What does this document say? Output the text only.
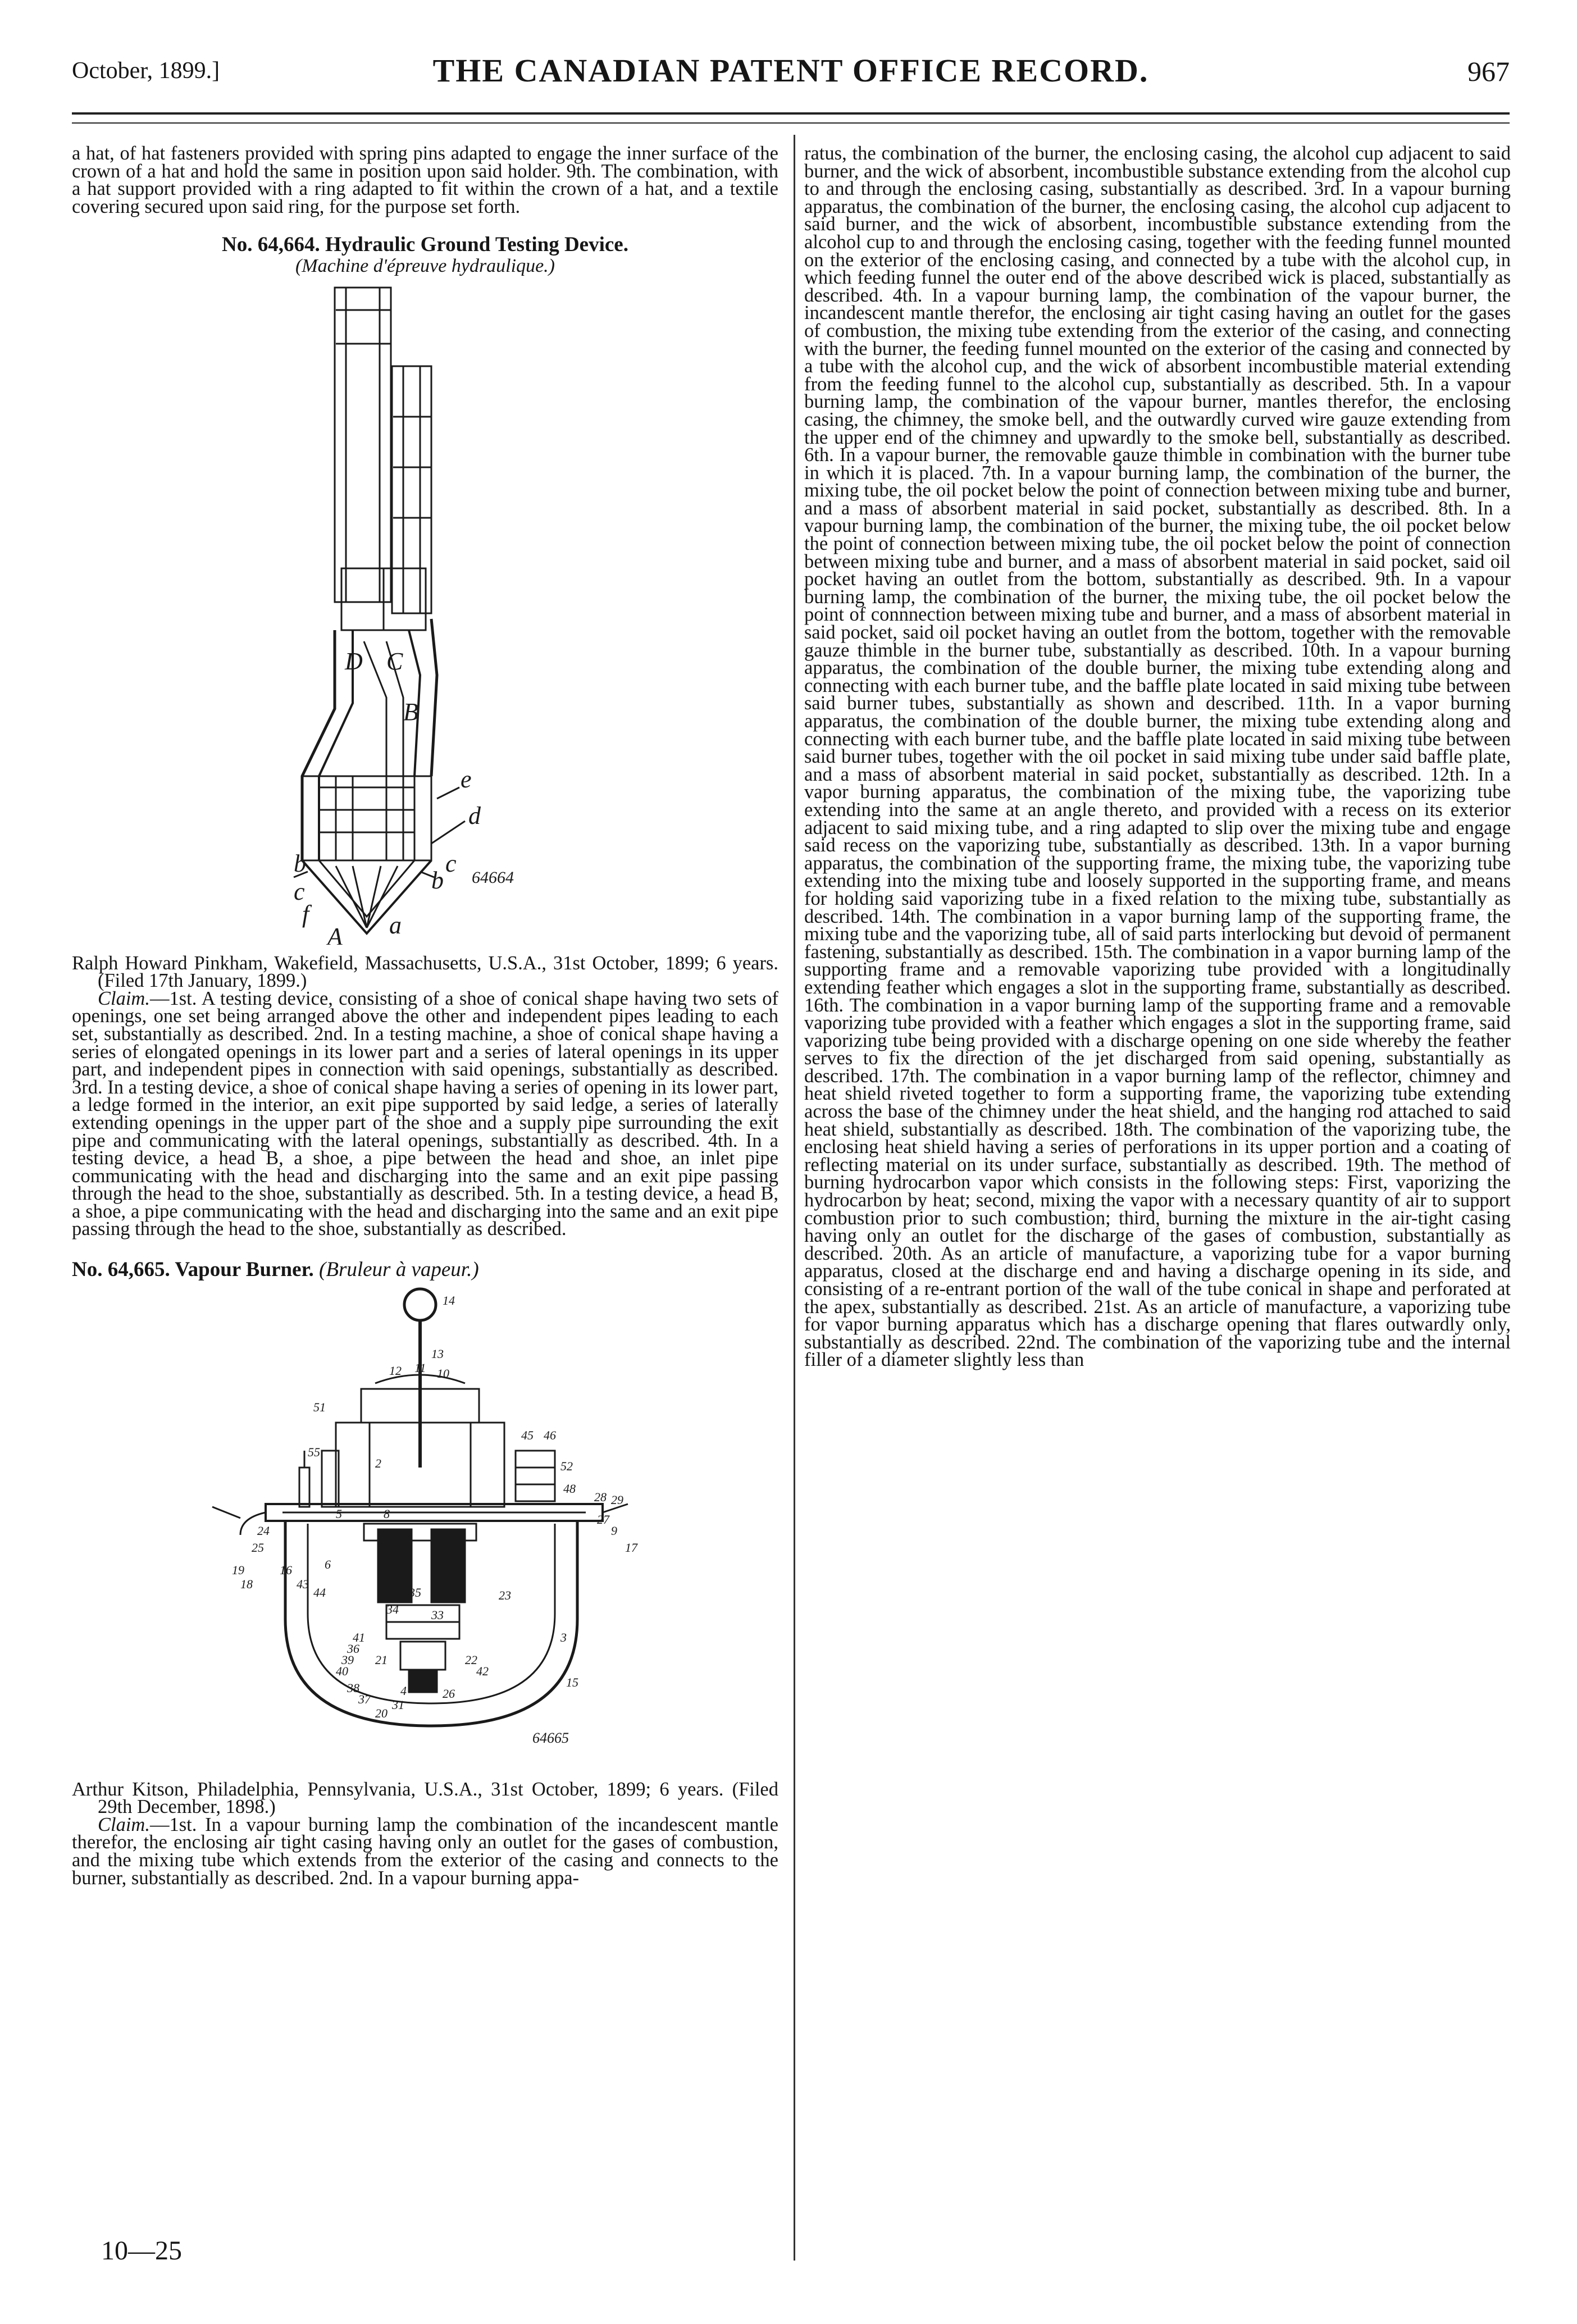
October, 1899.]	THE CANADIAN PATENT OFFICE RECORD.	967

a hat, of hat fasteners provided with spring pins adapted to engage the inner surface of the crown of a hat and hold the same in position upon said holder. 9th. The combination, with a hat support provided with a ring adapted to fit within the crown of a hat, and a textile covering secured upon said ring, for the purpose set forth.

No. 64,664. Hydraulic Ground Testing Device.

(Machine d'épreuve hydraulique.)

D C
B
e
d
c
b
b
c
f
A a
64664

Ralph Howard Pinkham, Wakefield, Massachusetts, U.S.A., 31st October, 1899; 6 years. (Filed 17th January, 1899.)

Claim.—1st. A testing device, consisting of a shoe of conical shape having two sets of openings, one set being arranged above the other and independent pipes leading to each set, substantially as described. 2nd. In a testing machine, a shoe of conical shape having a series of elongated openings in its lower part and a series of lateral openings in its upper part, and independent pipes in connection with said openings, substantially as described. 3rd. In a testing device, a shoe of conical shape having a series of opening in its lower part, a ledge formed in the interior, an exit pipe supported by said ledge, a series of laterally extending openings in the upper part of the shoe and a supply pipe surrounding the exit pipe and communicating with the lateral openings, substantially as described. 4th. In a testing device, a head B, a shoe, a pipe between the head and shoe, an inlet pipe communicating with the head and discharging into the same and an exit pipe passing through the head to the shoe, substantially as described. 5th. In a testing device, a head B, a shoe, a pipe communicating with the head and discharging into the same and an exit pipe passing through the head to the shoe, substantially as described.

No. 64,665. Vapour Burner. (Bruleur à vapeur.)

14
13
12 11 10
51
55
45 46
52
48
2
5	8
28 29
27
24
25	17
9
19
18
16	6
43
44	35
34
32
33
23
41
36
39
40
21	22
42
38
37 31
4
20
26
15
3
64665

Arthur Kitson, Philadelphia, Pennsylvania, U.S.A., 31st October, 1899; 6 years. (Filed 29th December, 1898.)

Claim.—1st. In a vapour burning lamp the combination of the incandescent mantle therefor, the enclosing air tight casing having only an outlet for the gases of combustion, and the mixing tube which extends from the exterior of the casing and connects to the burner, substantially as described. 2nd. In a vapour burning appa-

ratus, the combination of the burner, the enclosing casing, the alcohol cup adjacent to said burner, and the wick of absorbent, incombustible substance extending from the alcohol cup to and through the enclosing casing, substantially as described. 3rd. In a vapour burning apparatus, the combination of the burner, the enclosing casing, the alcohol cup adjacent to said burner, and the wick of absorbent, incombustible substance extending from the alcohol cup to and through the enclosing casing, together with the feeding funnel mounted on the exterior of the enclosing casing, and connected by a tube with the alcohol cup, in which feeding funnel the outer end of the above described wick is placed, substantially as described. 4th. In a vapour burning lamp, the combination of the vapour burner, the incandescent mantle therefor, the enclosing air tight casing having an outlet for the gases of combustion, the mixing tube extending from the exterior of the casing, and connecting with the burner, the feeding funnel mounted on the exterior of the casing and connected by a tube with the alcohol cup, and the wick of absorbent incombustible material extending from the feeding funnel to the alcohol cup, substantially as described. 5th. In a vapour burning lamp, the combination of the vapour burner, mantles therefor, the enclosing casing, the chimney, the smoke bell, and the outwardly curved wire gauze extending from the upper end of the chimney and upwardly to the smoke bell, substantially as described. 6th. In a vapour burner, the removable gauze thimble in combination with the burner tube in which it is placed. 7th. In a vapour burning lamp, the combination of the burner, the mixing tube, the oil pocket below the point of connection between mixing tube and burner, and a mass of absorbent material in said pocket, substantially as described. 8th. In a vapour burning lamp, the combination of the burner, the mixing tube, the oil pocket below the point of connection between mixing tube, the oil pocket below the point of connection between mixing tube and burner, and a mass of absorbent material in said pocket, said oil pocket having an outlet from the bottom, substantially as described. 9th. In a vapour burning lamp, the combination of the burner, the mixing tube, the oil pocket below the point of connnection between mixing tube and burner, and a mass of absorbent material in said pocket, said oil pocket having an outlet from the bottom, together with the removable gauze thimble in the burner tube, substantially as described. 10th. In a vapour burning apparatus, the combination of the double burner, the mixing tube extending along and connecting with each burner tube, and the baffle plate located in said mixing tube between said burner tubes, substantially as shown and described. 11th. In a vapor burning apparatus, the combination of the double burner, the mixing tube extending along and connecting with each burner tube, and the baffle plate located in said mixing tube between said burner tubes, together with the oil pocket in said mixing tube under said baffle plate, and a mass of absorbent material in said pocket, substantially as described. 12th. In a vapor burning apparatus, the combination of the mixing tube, the vaporizing tube extending into the same at an angle thereto, and provided with a recess on its exterior adjacent to said mixing tube, and a ring adapted to slip over the mixing tube and engage said recess on the vaporizing tube, substantially as described. 13th. In a vapor burning apparatus, the combination of the supporting frame, the mixing tube, the vaporizing tube extending into the mixing tube and loosely supported in the supporting frame, and means for holding said vaporizing tube in a fixed relation to the mixing tube, substantially as described. 14th. The combination in a vapor burning lamp of the supporting frame, the mixing tube and the vaporizing tube, all of said parts interlocking but devoid of permanent fastening, substantially as described. 15th. The combination in a vapor burning lamp of the supporting frame and a removable vaporizing tube provided with a longitudinally extending feather which engages a slot in the supporting frame, substantially as described. 16th. The combination in a vapor burning lamp of the supporting frame and a removable vaporizing tube provided with a feather which engages a slot in the supporting frame, said vaporizing tube being provided with a discharge opening on one side whereby the feather serves to fix the direction of the jet discharged from said opening, substantially as described. 17th. The combination in a vapor burning lamp of the reflector, chimney and heat shield riveted together to form a supporting frame, the vaporizing tube extending across the base of the chimney under the heat shield, and the hanging rod attached to said heat shield, substantially as described. 18th. The combination of the vaporizing tube, the enclosing heat shield having a series of perforations in its upper portion and a coating of reflecting material on its under surface, substantially as described. 19th. The method of burning hydrocarbon vapor which consists in the following steps: First, vaporizing the hydrocarbon by heat; second, mixing the vapor with a necessary quantity of air to support combustion prior to such combustion; third, burning the mixture in the air-tight casing having only an outlet for the discharge of the gases of combustion, substantially as described. 20th. As an article of manufacture, a vaporizing tube for a vapor burning apparatus, closed at the discharge end and having a discharge opening in its side, and consisting of a re-entrant portion of the wall of the tube conical in shape and perforated at the apex, substantially as described. 21st. As an article of manufacture, a vaporizing tube for vapor burning apparatus which has a discharge opening that flares outwardly only, substantially as described. 22nd. The combination of the vaporizing tube and the internal filler of a diameter slightly less than

10—25
